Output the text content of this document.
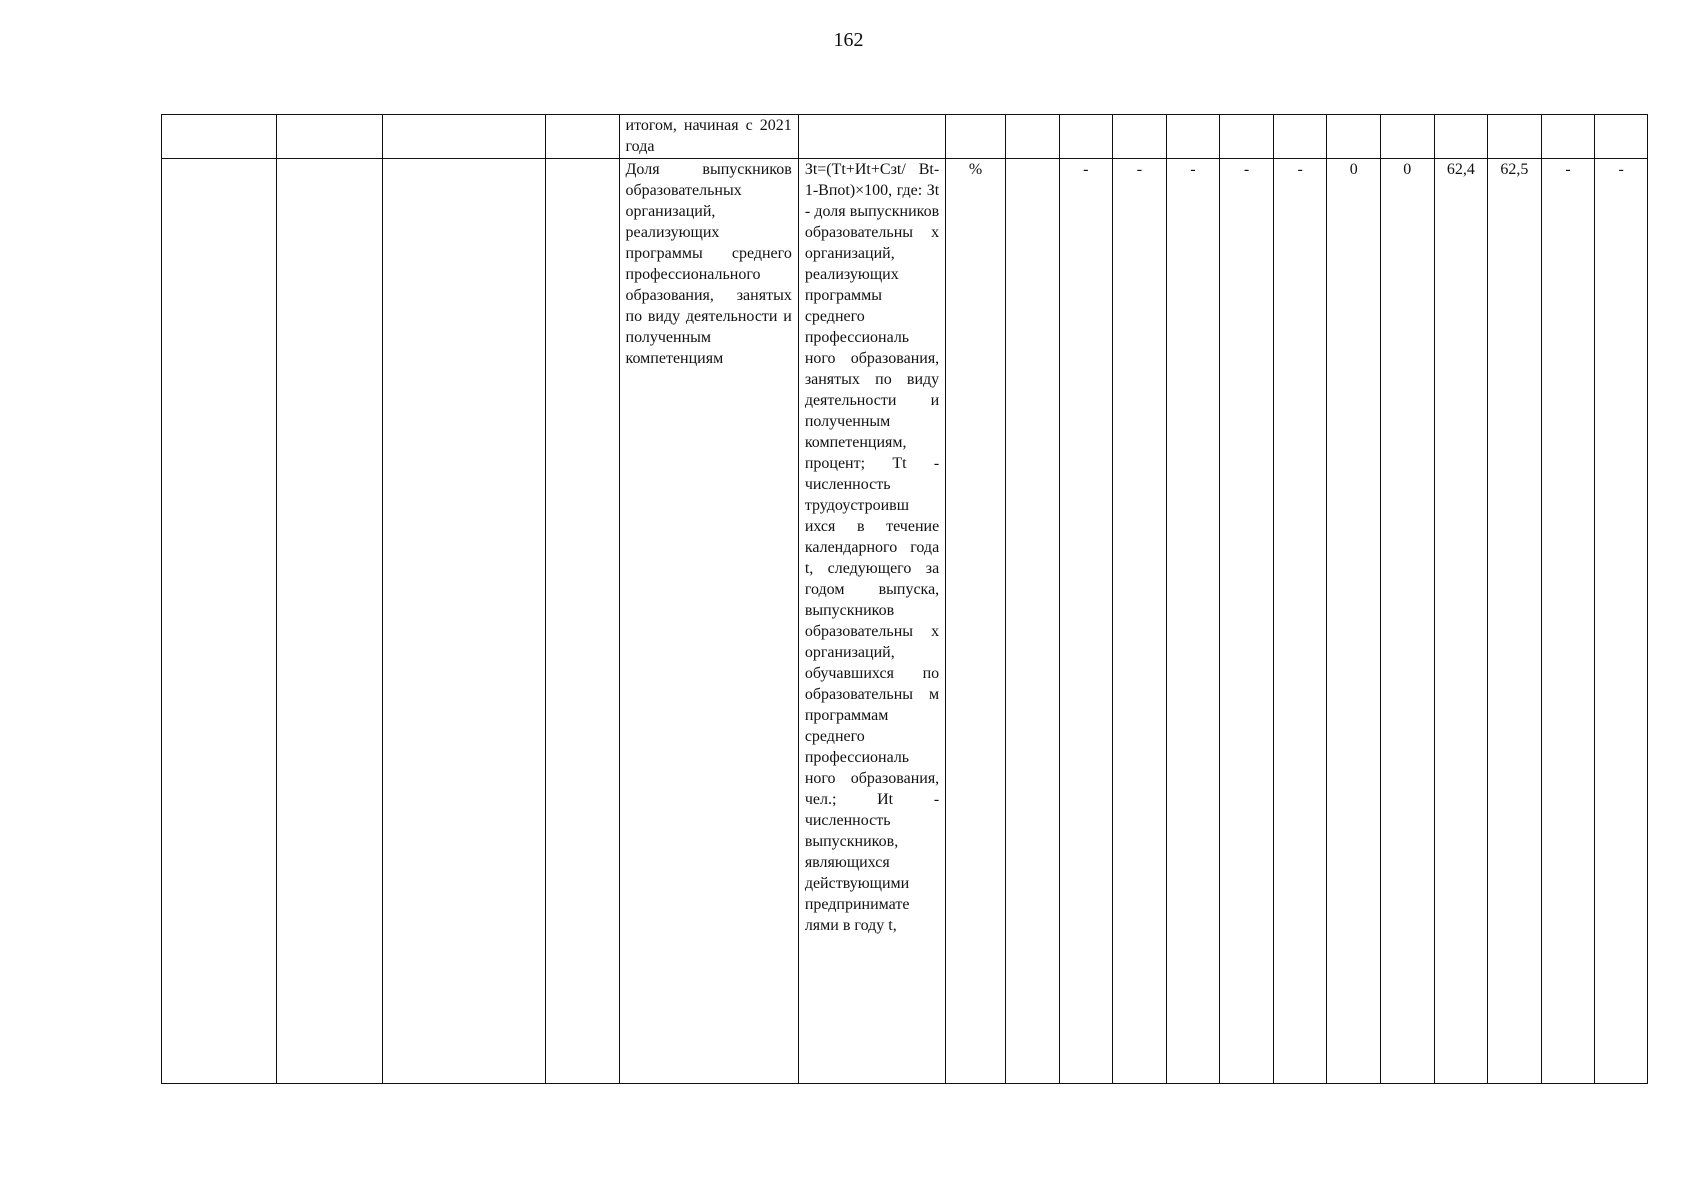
162

				итогом, начиная с 2021 года														

				Доля выпускников образовательных организаций, реализующих программы среднего профессионального образования, занятых по виду деятельности и полученным компетенциям	Зt=(Тt+Иt+Сзt/ Вt-1-Впоt)×100, где: Зt - доля выпускников образовательны х организаций, реализующих программы среднего профессиональ ного образования, занятых по виду деятельности и полученным компетенциям, процент; Тt - численность трудоустроивш ихся в течение календарного года t, следующего за годом выпуска, выпускников образовательны х организаций, обучавшихся по образовательны м программам среднего профессиональ ного образования, чел.; Иt - численность выпускников, являющихся действующими предпринимате лями в году t,	%		-	-	-	-	-	0	0	62,4	62,5	-	-
